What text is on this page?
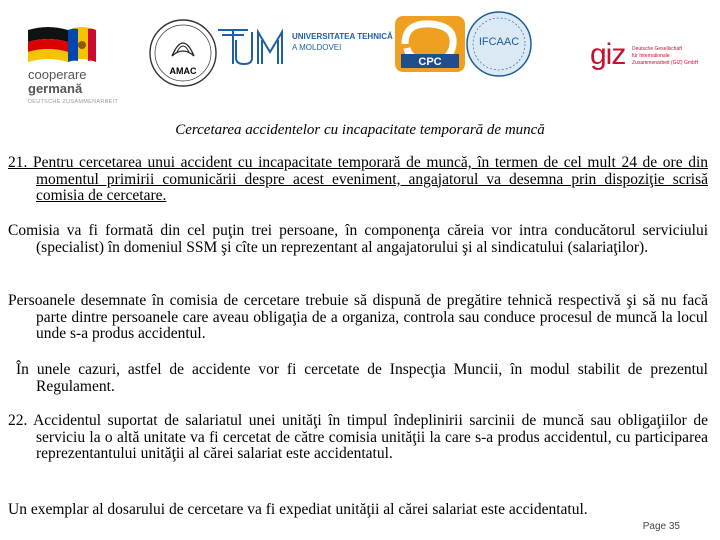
cooperare
germană
DEUTSCHE ZUSAMMENARBEIT
AMAC
UNIVERSITATEA TEHNICĂ
A MOLDOVEI
CPC
IFCAAC	giz Deutsche Gesellschaft
für Internationale
Zusammenarbeit (GIZ) GmbH
Cercetarea accidentelor cu incapacitate temporară de muncă

21. Pentru cercetarea unui accident cu incapacitate temporară de muncă, în termen de cel mult 24 de ore din momentul primirii comunicării despre acest eveniment, angajatorul va desemna prin dispoziţie scrisă comisia de cercetare.

Comisia va fi formată din cel puţin trei persoane, în componenţa căreia vor intra conducătorul serviciului (specialist) în domeniul SSM şi cîte un reprezentant al angajatorului şi al sindicatului (salariaţilor).

Persoanele desemnate în comisia de cercetare trebuie să dispună de pregătire tehnică respectivă şi să nu facă parte dintre persoanele care aveau obligaţia de a organiza, controla sau conduce procesul de muncă la locul unde s-a produs accidentul.

În unele cazuri, astfel de accidente vor fi cercetate de Inspecţia Muncii, în modul stabilit de prezentul Regulament.

22. Accidentul suportat de salariatul unei unităţi în timpul îndeplinirii sarcinii de muncă sau obligaţiilor de serviciu la o altă unitate va fi cercetat de către comisia unităţii la care s-a produs accidentul, cu participarea reprezentantului unităţii al cărei salariat este accidentatul.

Un exemplar al dosarului de cercetare va fi expediat unităţii al cărei salariat este accidentatul.

Page 35
